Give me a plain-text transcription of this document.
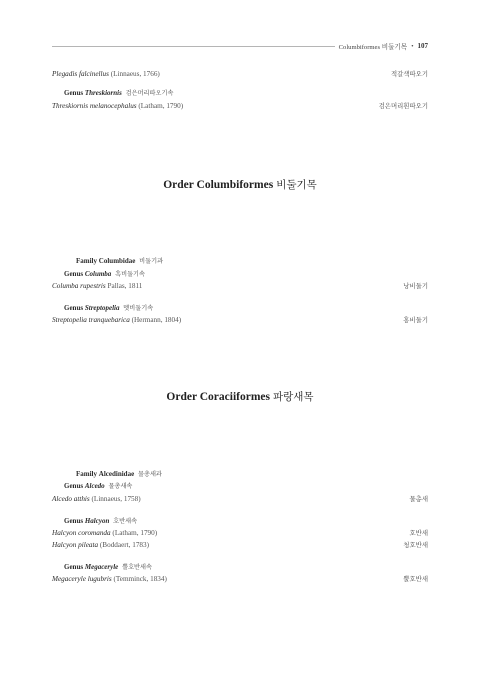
Columbiformes 비둘기목 • 107
Plegadis falcinellus (Linnaeus, 1766)	적갈색따오기
Genus Threskiornis 검은머리따오기속
Threskiornis melanocephalus (Latham, 1790)	검은머리흰따오기
Order Columbiformes 비둘기목
Family Columbidae 비둘기과
Genus Columba 흑비둘기속
Columba rupestris Pallas, 1811	낭비둘기
Genus Streptopelia 멧비둘기속
Streptopelia tranquebarica (Hermann, 1804)	홍비둘기
Order Coraciiformes 파랑새목
Family Alcedinidae 물총새과
Genus Alcedo 물총새속
Alcedo atthis (Linnaeus, 1758)	물총새
Genus Halcyon 호반새속
Halcyon coromanda (Latham, 1790)	호반새
Halcyon pileata (Boddaert, 1783)	청호반새
Genus Megaceryle 뿔호반새속
Megaceryle lugubris (Temminck, 1834)	뿔호반새
